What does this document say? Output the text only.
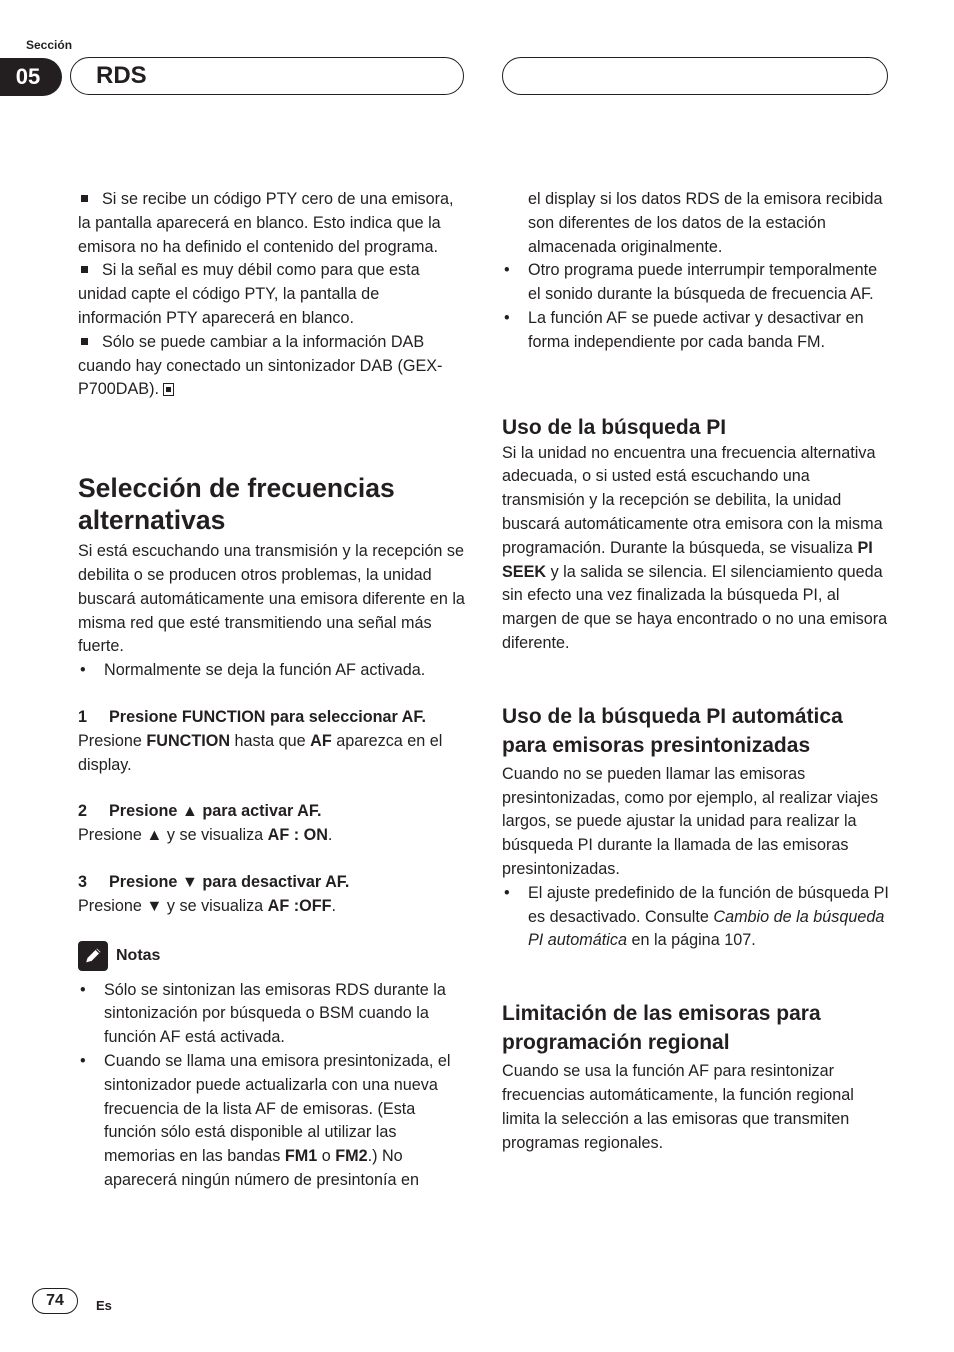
Sección
05	RDS

Si se recibe un código PTY cero de una emisora, la pantalla aparecerá en blanco. Esto indica que la emisora no ha definido el contenido del programa.

Si la señal es muy débil como para que esta unidad capte el código PTY, la pantalla de información PTY aparecerá en blanco.

Sólo se puede cambiar a la información DAB cuando hay conectado un sintonizador DAB (GEX-P700DAB).

Selección de frecuencias alternativas

Si está escuchando una transmisión y la recepción se debilita o se producen otros problemas, la unidad buscará automáticamente una emisora diferente en la misma red que esté transmitiendo una señal más fuerte.

• Normalmente se deja la función AF activada.

1 Presione FUNCTION para seleccionar AF.

Presione FUNCTION hasta que AF aparezca en el display.

2 Presione ▲ para activar AF.

Presione ▲ y se visualiza AF : ON.

3 Presione ▼ para desactivar AF.

Presione ▼ y se visualiza AF :OFF.

Notas

• Sólo se sintonizan las emisoras RDS durante la sintonización por búsqueda o BSM cuando la función AF está activada.

• Cuando se llama una emisora presintonizada, el sintonizador puede actualizarla con una nueva frecuencia de la lista AF de emisoras. (Esta función sólo está disponible al utilizar las memorias en las bandas FM1 o FM2.) No aparecerá ningún número de presintonía en

el display si los datos RDS de la emisora recibida son diferentes de los datos de la estación almacenada originalmente.

• Otro programa puede interrumpir temporalmente el sonido durante la búsqueda de frecuencia AF.

• La función AF se puede activar y desactivar en forma independiente por cada banda FM.

Uso de la búsqueda PI

Si la unidad no encuentra una frecuencia alternativa adecuada, o si usted está escuchando una transmisión y la recepción se debilita, la unidad buscará automáticamente otra emisora con la misma programación. Durante la búsqueda, se visualiza PI SEEK y la salida se silencia. El silenciamiento queda sin efecto una vez finalizada la búsqueda PI, al margen de que se haya encontrado o no una emisora diferente.

Uso de la búsqueda PI automática para emisoras presintonizadas

Cuando no se pueden llamar las emisoras presintonizadas, como por ejemplo, al realizar viajes largos, se puede ajustar la unidad para realizar la búsqueda PI durante la llamada de las emisoras presintonizadas.

• El ajuste predefinido de la función de búsqueda PI es desactivado. Consulte Cambio de la búsqueda PI automática en la página 107.

Limitación de las emisoras para programación regional

Cuando se usa la función AF para resintonizar frecuencias automáticamente, la función regional limita la selección a las emisoras que transmiten programas regionales.

74	Es
